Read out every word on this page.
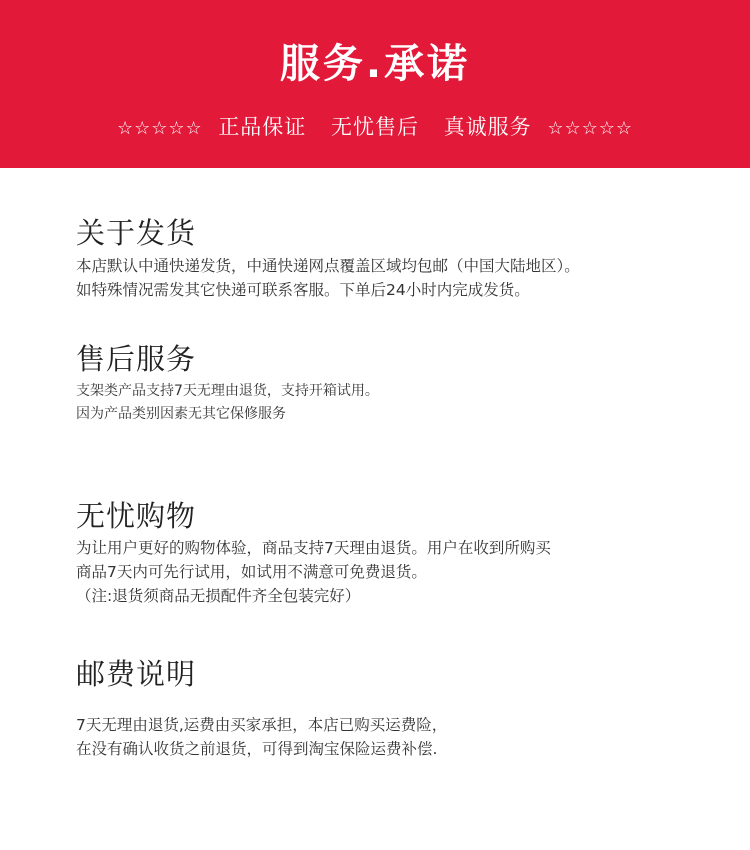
服务.承诺
☆☆☆☆☆ 正品保证 无忧售后 真诚服务 ☆☆☆☆☆
关于发货
本店默认中通快递发货，中通快递网点覆盖区域均包邮（中国大陆地区）。
如特殊情况需发其它快递可联系客服。下单后24小时内完成发货。
售后服务
支架类产品支持7天无理由退货，支持开箱试用。
因为产品类别因素无其它保修服务
无忧购物
为让用户更好的购物体验，商品支持7天理由退货。用户在收到所购买
商品7天内可先行试用，如试用不满意可免费退货。
（注:退货须商品无损配件齐全包装完好）
邮费说明
7天无理由退货,运费由买家承担，本店已购买运费险，
在没有确认收货之前退货，可得到淘宝保险运费补偿.
